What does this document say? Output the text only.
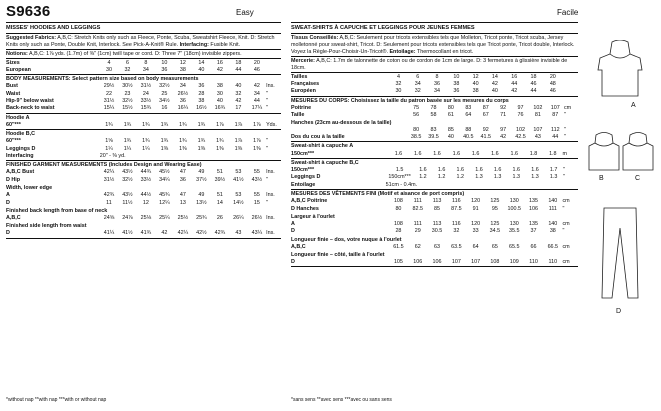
S9636	Easy	Facile
MISSES' HOODIES AND LEGGINGS
Suggested Fabrics: A,B,C: Stretch Knits only such as Fleece, Ponte, Scuba, Sweatshirt Fleece, Knit. D: Stretch Knits only such as Ponte, Double Knit, Interlock. See Pick-A-Knit® Rule. Interfacing: Fusible Knit.
Notions: A,B,C: 1⅞ yds. (1.7m) of ⅜" (1cm) twill tape or cord. D: Three 7" (18cm) invisible zippers.
Sizes	4	6	8	10	12	14	16	18	20	
European	30	32	34	36	38	40	42	44	46	
BODY MEASUREMENTS: Select pattern size based on body measurements
Bust	29½	30½	31½	32½	34	36	38	40	42	Ins.
Waist	22	23	24	25	26½	28	30	32	34	"
Hip-9" below waist	31½	32½	33½	34½	36	38	40	42	44	"
Back-neck to waist	15¼	15½	15¾	16	16¼	16½	16¾	17	17¼	"
Hoodie A
60"***	1¾	1¾	1¾	1¾	1¾	1¾	1⅞	1⅞	1⅞	Yds.
Hoodie B,C
60"***	1⅝	1¾	1¾	1¾	1¾	1¾	1¾	1⅞	1⅞	"
Leggings D	1¼	1¼	1¼	1⅜	1⅜	1⅜	1⅜	1⅜	1⅜	"
Interfacing	20" - ⅜ yd.									
FINISHED GARMENT MEASUREMENTS (Includes Design and Wearing Ease)
A,B,C Bust	42¼	43½	44¾	45½	47	49	51	53	55	Ins.
D Hip	31½	32½	33½	34¼	36	37½	39½	41½	43½	"
Width, lower edge
A	42¾	43½	44½	45¾	47	49	51	53	55	Ins.
D	11	11½	12	12¼	13	13½	14	14½	15	"
Finished back length from base of neck
A,B,C	24⅝	24⅞	25⅛	25¼	25½	25¾	26	26¼	26½	Ins.
Finished side length from waist
D	41¼	41½	41¾	42	42¼	42½	42¾	43	43¼	Ins.
*without nap **with nap ***with or without nap
SWEAT-SHIRTS À CAPUCHE ET LEGGINGS POUR JEUNES FEMMES
Tissus Conseillés: A,B,C: Seulement pour tricots extensibles tels que Molleton, Tricot ponte, Tricot scuba, Jersey molletonné pour sweat-shirt, Tricot. D: Seulement pour tricots extensibles tels que Tricot ponte, Tricot double, Interlock. Voyez la Règle-Pour-Choisir-Un-Tricot®. Entoilage: Thermocollant en tricot.
Mercerie: A,B,C: 1.7m de talonnette de coton ou de cordon de 1cm de large. D: 3 fermetures à glissière invisible de 18cm.
Tailles	4	6	8	10	12	14	16	18	20	
Françaises	32	34	36	38	40	42	44	46	48	
Européen	30	32	34	36	38	40	42	44	46	
MESURES DU CORPS: Choisissez la taille du patron basée sur les mesures du corps
Poitrine	75	78	80	83	87	92	97	102	107	cm
Taille	56	58	61	64	67	71	76	81	87	"
Hanches (23cm au-dessous de la taille)										
	80	83	85	88	92	97	102	107	112	"
Dos du cou à la taille	38.5	39.5	40	40.5	41.5	42	42.5	43	44	"
Sweat-shirt à capuche A
150cm***	1.6	1.6	1.6	1.6	1.6	1.6	1.6	1.8	1.8	m
Sweat-shirt à capuche B,C
150cm***	1.5	1.6	1.6	1.6	1.6	1.6	1.6	1.6	1.7	"
Leggings D	150cm***	1.2	1.2	1.2	1.3	1.3	1.3	1.3	1.3	"
Entoilage	51cm - 0.4m.									
MESURES DES VÊTEMENTS FINI (Motif et aisance de port compris)
A,B,C Poitrine	108	111	113	116	120	125	130	135	140	cm
D Hanches	80	82.5	85	87.5	91	95	100.5	106	111	"
Largeur à l'ourlet
A	108	111	113	116	120	125	130	135	140	cm
D	28	29	30.5	32	33	34.5	35.5	37	38	"
Longueur finie – dos, votre nuque à l'ourlet
A,B,C	61.5	62	63	63.5	64	65	65.5	66	66.5	cm
Longueur finie – côté, taille à l'ourlet
D	105	106	106	107	107	108	109	110	110	cm
*sans sens **avec sens ***avec ou sans sens
A
B	C
D
